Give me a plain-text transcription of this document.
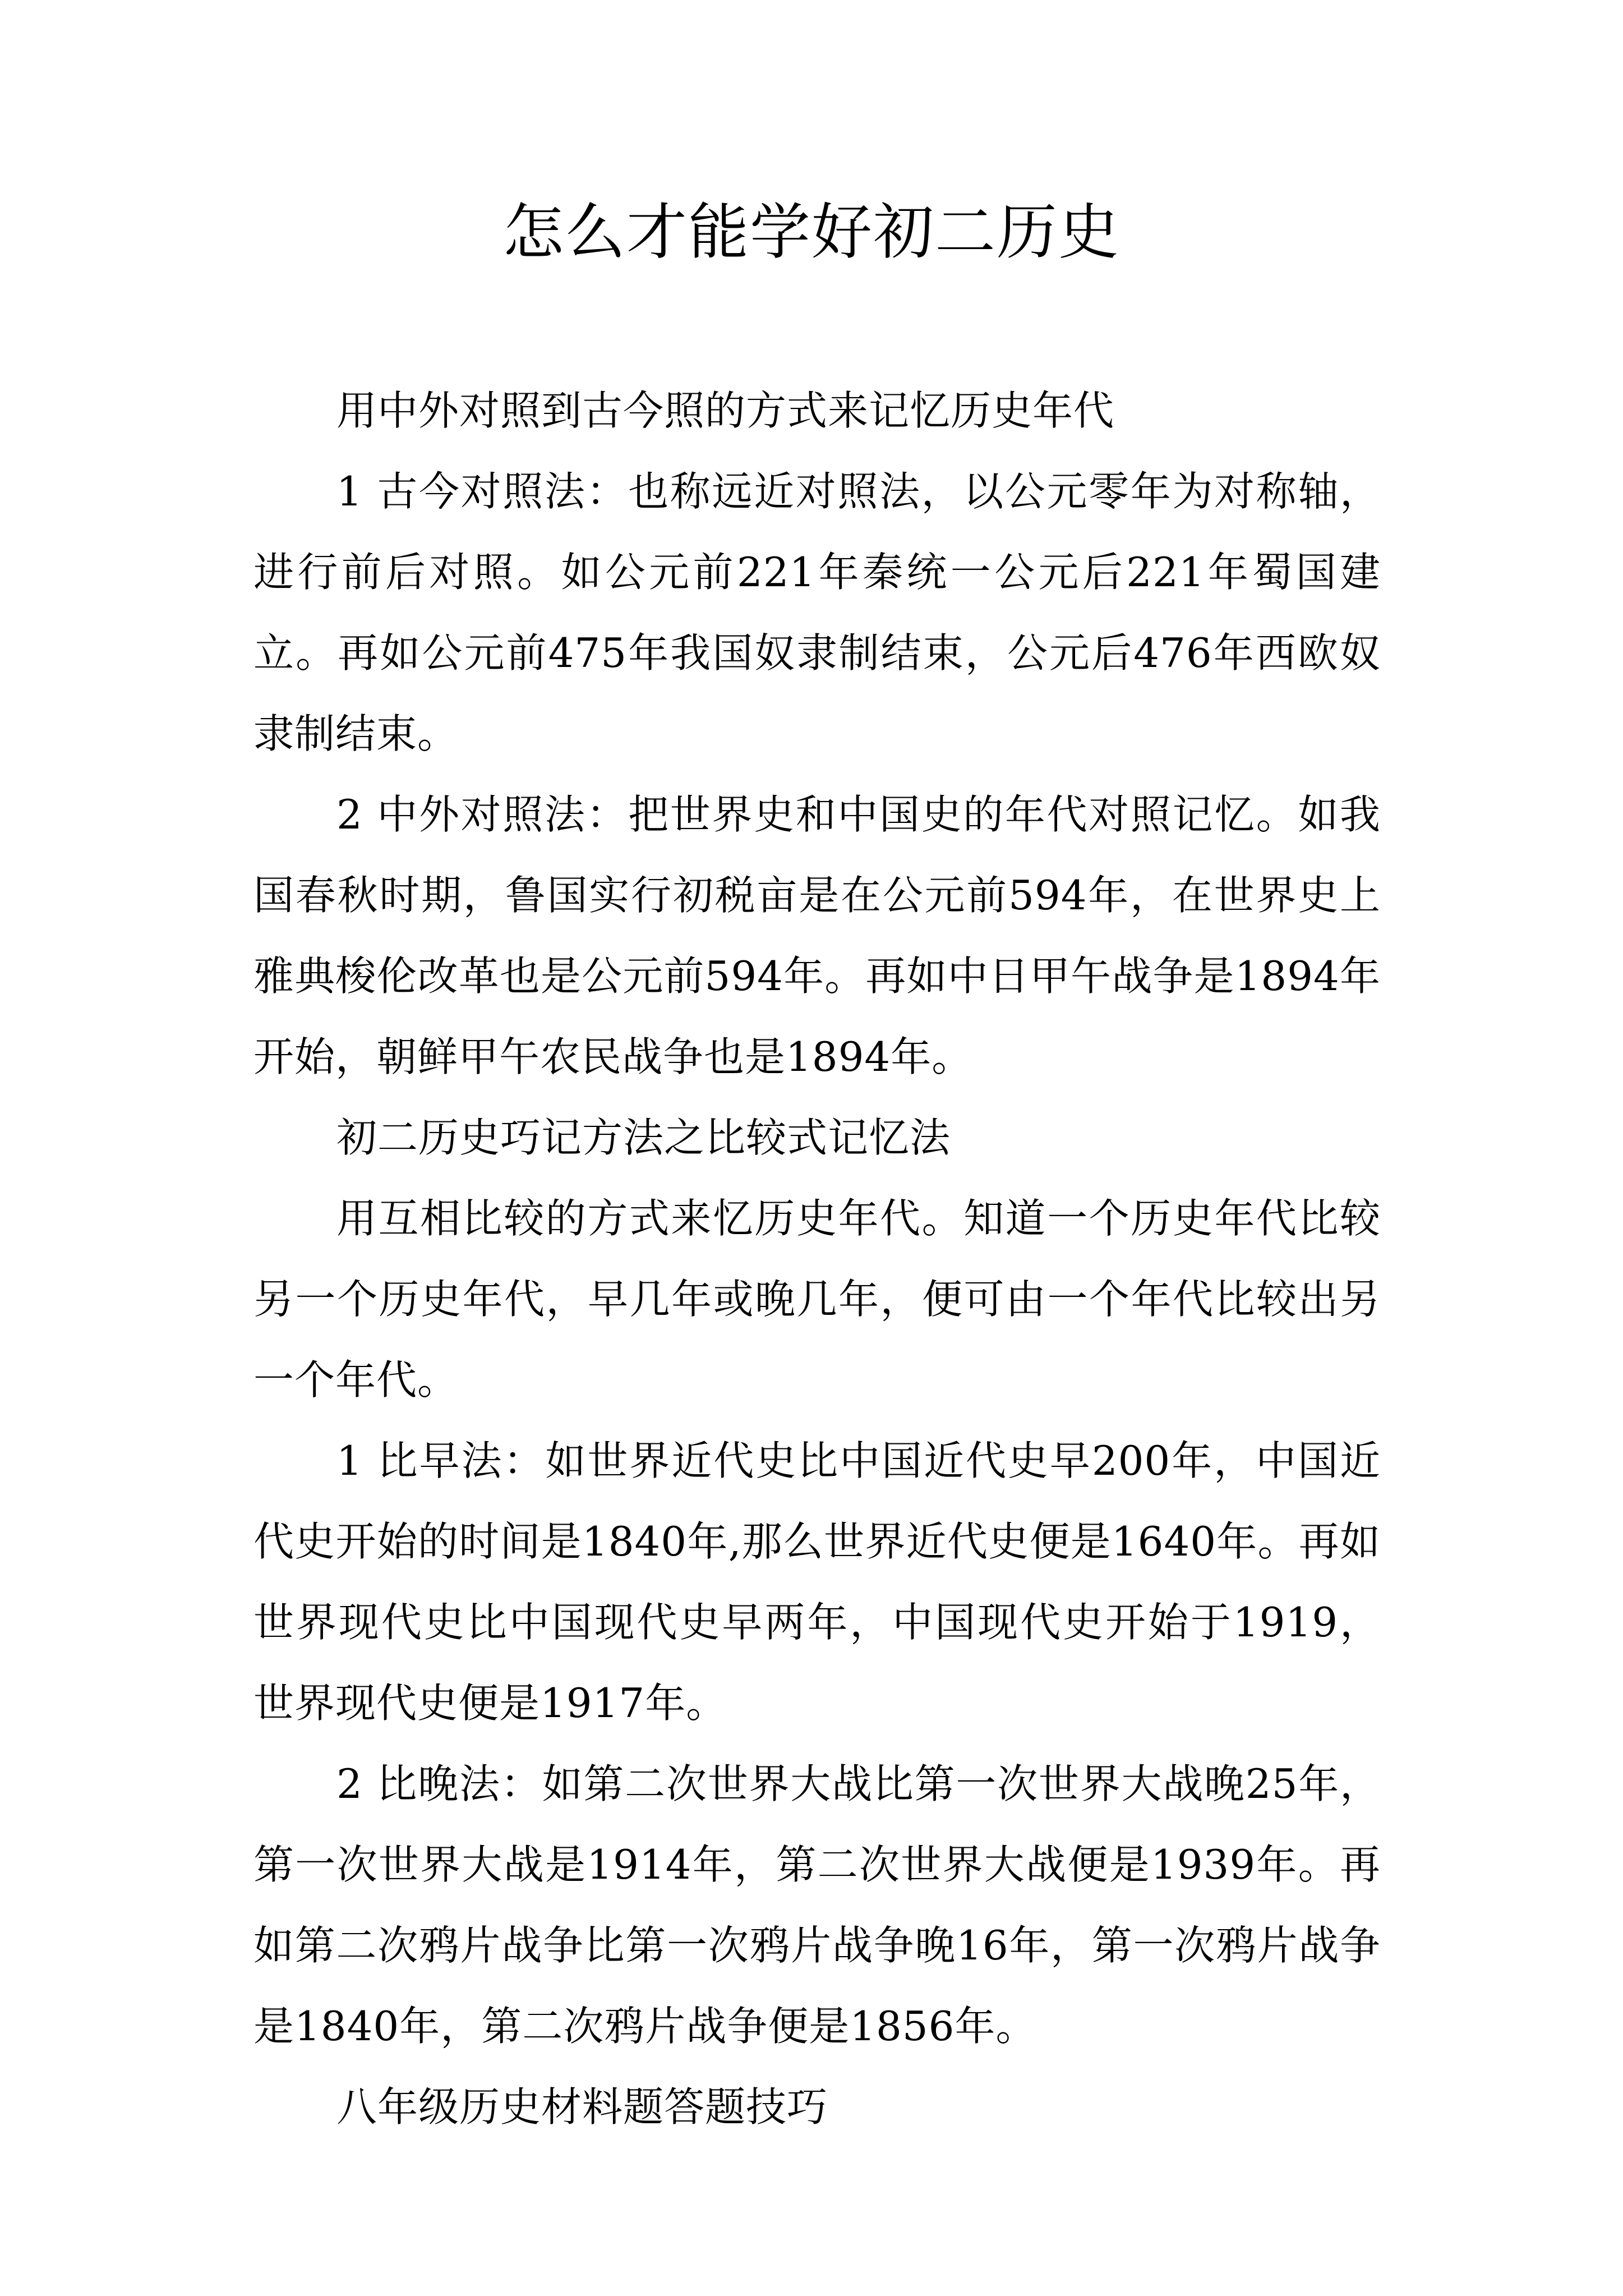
怎么才能学好初二历史

用中外对照到古今照的方式来记忆历史年代

1 古今对照法：也称远近对照法，以公元零年为对称轴，进行前后对照。如公元前221年秦统一公元后221年蜀国建立。再如公元前475年我国奴隶制结束，公元后476年西欧奴隶制结束。

2 中外对照法：把世界史和中国史的年代对照记忆。如我国春秋时期，鲁国实行初税亩是在公元前594年，在世界史上雅典梭伦改革也是公元前594年。再如中日甲午战争是1894年开始，朝鲜甲午农民战争也是1894年。

初二历史巧记方法之比较式记忆法

用互相比较的方式来忆历史年代。知道一个历史年代比较另一个历史年代，早几年或晚几年，便可由一个年代比较出另一个年代。

1 比早法：如世界近代史比中国近代史早200年，中国近代史开始的时间是1840年,那么世界近代史便是1640年。再如世界现代史比中国现代史早两年，中国现代史开始于1919，世界现代史便是1917年。

2 比晚法：如第二次世界大战比第一次世界大战晚25年，第一次世界大战是1914年，第二次世界大战便是1939年。再如第二次鸦片战争比第一次鸦片战争晚16年，第一次鸦片战争是1840年，第二次鸦片战争便是1856年。

八年级历史材料题答题技巧
